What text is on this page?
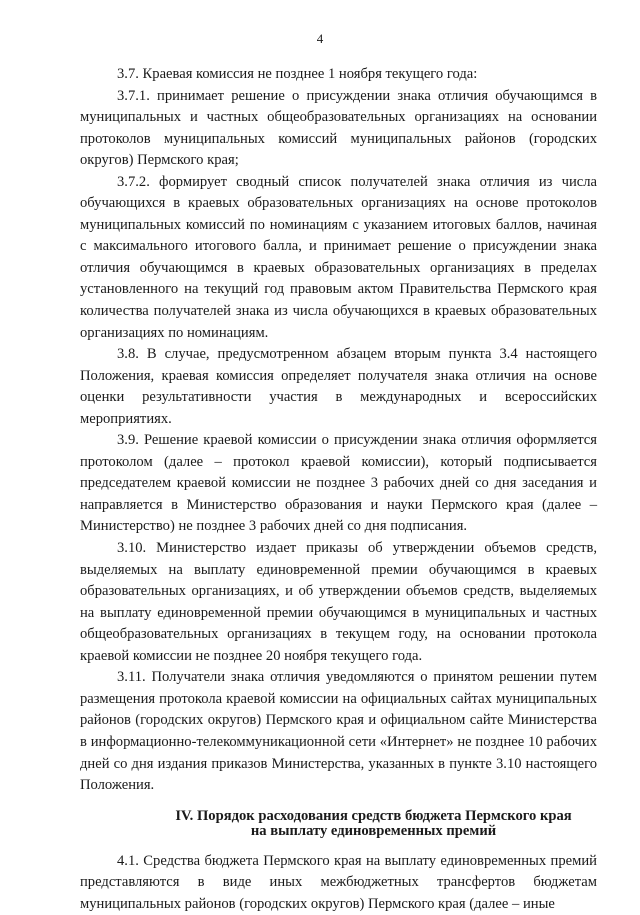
4

3.7. Краевая комиссия не позднее 1 ноября текущего года:

3.7.1. принимает решение о присуждении знака отличия обучающимся в муниципальных и частных общеобразовательных организациях на основании протоколов муниципальных комиссий муниципальных районов (городских округов) Пермского края;

3.7.2. формирует сводный список получателей знака отличия из числа обучающихся в краевых образовательных организациях на основе протоколов муниципальных комиссий по номинациям с указанием итоговых баллов, начиная с максимального итогового балла, и принимает решение о присуждении знака отличия обучающимся в краевых образовательных организациях в пределах установленного на текущий год правовым актом Правительства Пермского края количества получателей знака из числа обучающихся в краевых образовательных организациях по номинациям.

3.8. В случае, предусмотренном абзацем вторым пункта 3.4 настоящего Положения, краевая комиссия определяет получателя знака отличия на основе оценки результативности участия в международных и всероссийских мероприятиях.

3.9. Решение краевой комиссии о присуждении знака отличия оформляется протоколом (далее – протокол краевой комиссии), который подписывается председателем краевой комиссии не позднее 3 рабочих дней со дня заседания и направляется в Министерство образования и науки Пермского края (далее – Министерство) не позднее 3 рабочих дней со дня подписания.

3.10. Министерство издает приказы об утверждении объемов средств, выделяемых на выплату единовременной премии обучающимся в краевых образовательных организациях, и об утверждении объемов средств, выделяемых на выплату единовременной премии обучающимся в муниципальных и частных общеобразовательных организациях в текущем году, на основании протокола краевой комиссии не позднее 20 ноября текущего года.

3.11. Получатели знака отличия уведомляются о принятом решении путем размещения протокола краевой комиссии на официальных сайтах муниципальных районов (городских округов) Пермского края и официальном сайте Министерства в информационно-телекоммуникационной сети «Интернет» не позднее 10 рабочих дней со дня издания приказов Министерства, указанных в пункте 3.10 настоящего Положения.

IV. Порядок расходования средств бюджета Пермского края
на выплату единовременных премий

4.1. Средства бюджета Пермского края на выплату единовременных премий представляются в виде иных межбюджетных трансфертов бюджетам муниципальных районов (городских округов) Пермского края (далее – иные
